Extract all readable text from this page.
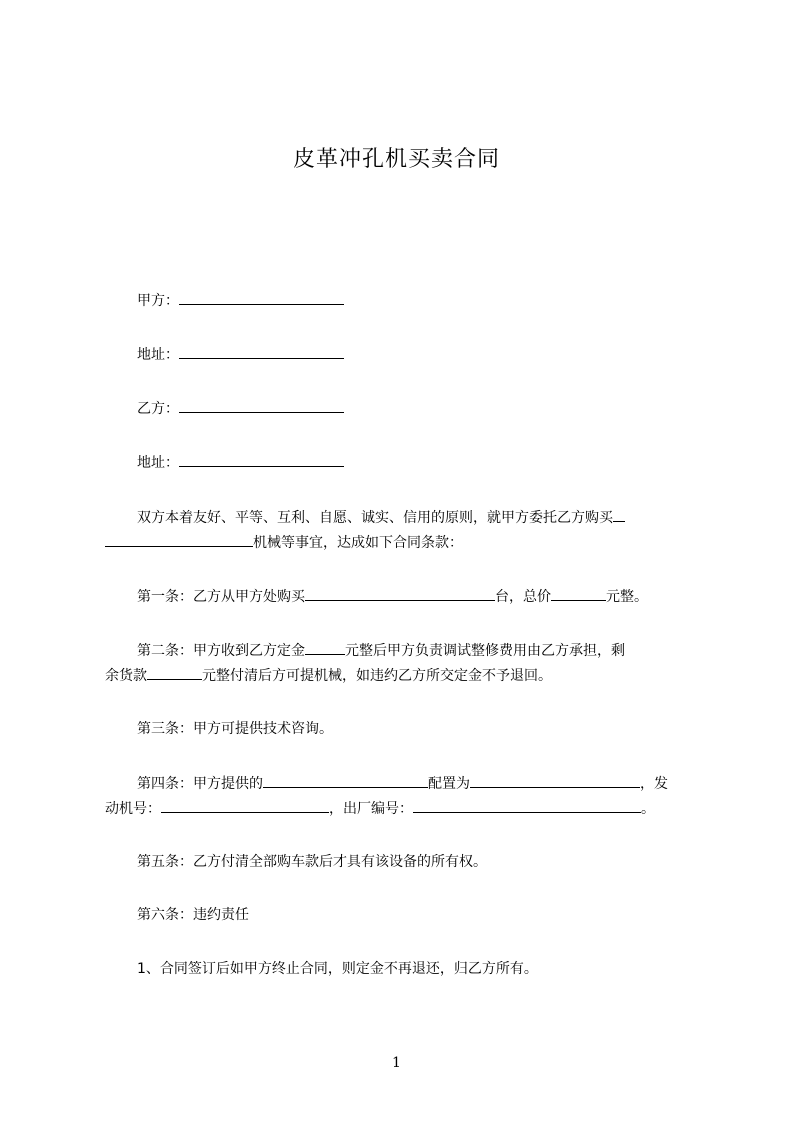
皮革冲孔机买卖合同
甲方：
地址：
乙方：
地址：
双方本着友好、平等、互利、自愿、诚实、信用的原则，就甲方委托乙方购买
机械等事宜，达成如下合同条款：
第一条：乙方从甲方处购买	台，总价	元整。
第二条：甲方收到乙方定金	元整后甲方负责调试整修费用由乙方承担，剩
余货款	元整付清后方可提机械，如违约乙方所交定金不予退回。
第三条：甲方可提供技术咨询。
第四条：甲方提供的	配置为	，发
动机号：	，出厂编号：	。
第五条：乙方付清全部购车款后才具有该设备的所有权。
第六条：违约责任
1、合同签订后如甲方终止合同，则定金不再退还，归乙方所有。
1
